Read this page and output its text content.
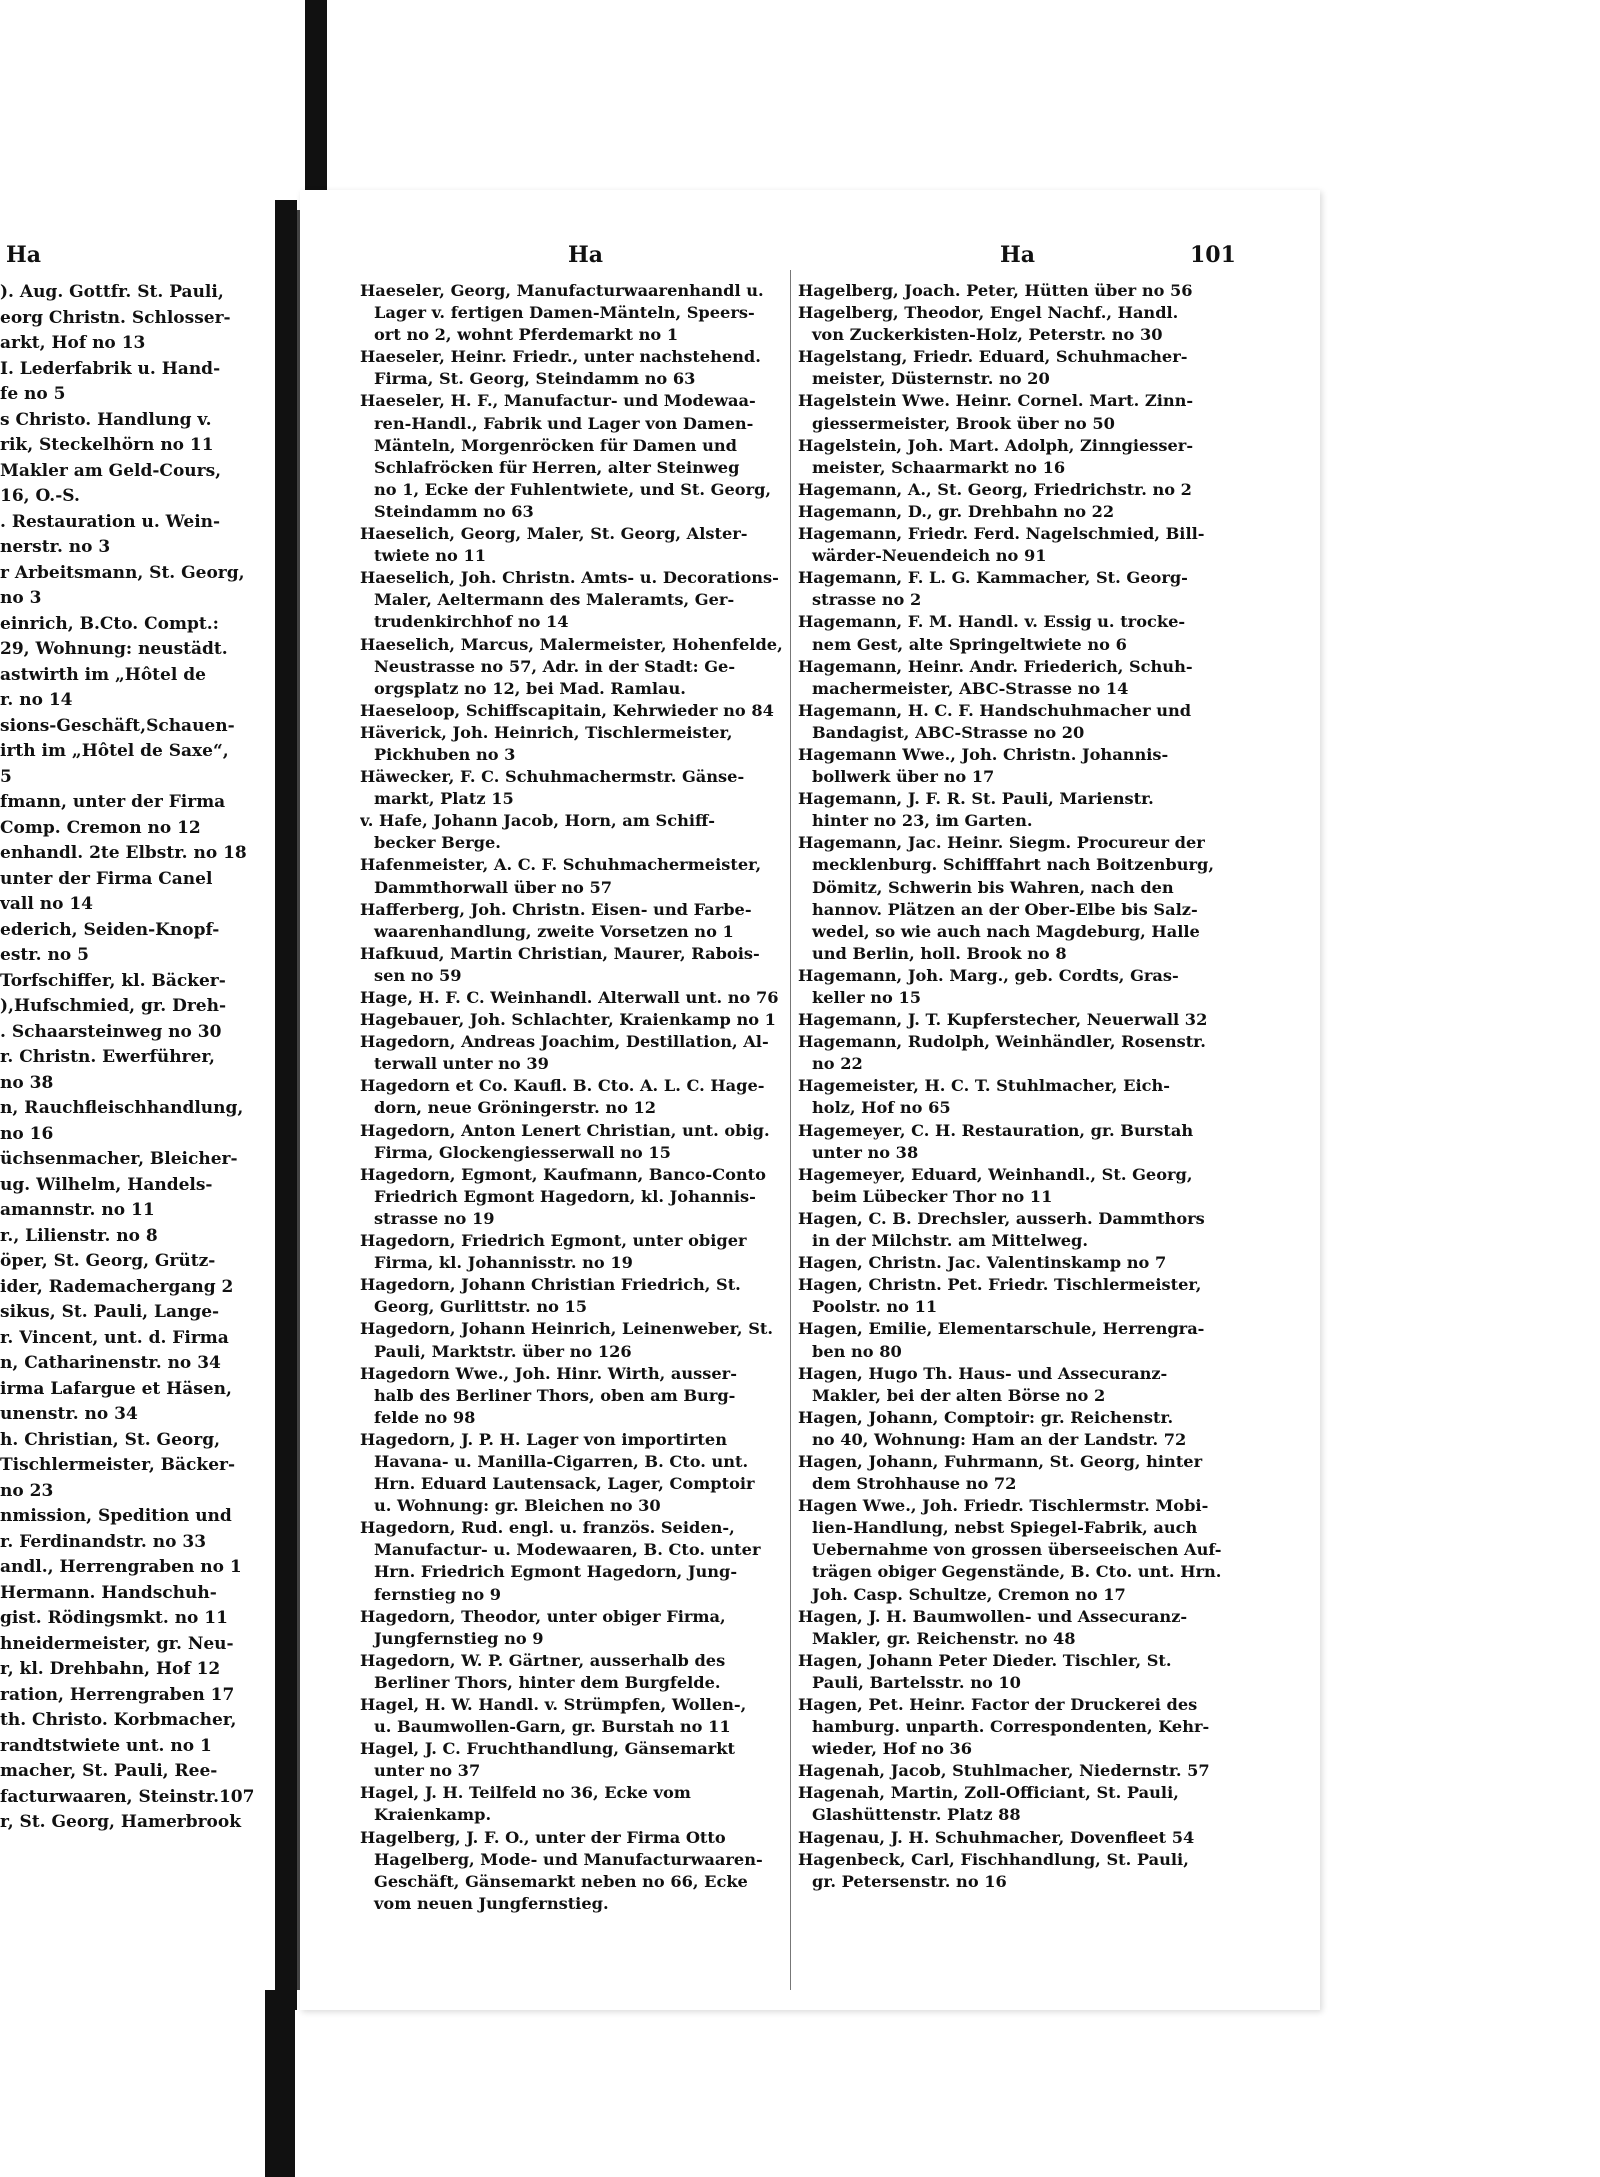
Ha
). Aug. Gottfr. St. Pauli,
eorg Christn. Schlosser-
arkt, Hof no 13
I. Lederfabrik u. Hand-
fe no 5
s Christo. Handlung v.
rik, Steckelhörn no 11
Makler am Geld-Cours,
16, O.-S.
. Restauration u. Wein-
nerstr. no 3
r Arbeitsmann, St. Georg,
no 3
einrich, B.Cto. Compt.:
29, Wohnung: neustädt.
astwirth im „Hôtel de
r. no 14
sions-Geschäft,Schauen-
irth im „Hôtel de Saxe“,
5
fmann, unter der Firma
Comp. Cremon no 12
enhandl. 2te Elbstr. no 18
unter der Firma Canel
vall no 14
ederich, Seiden-Knopf-
estr. no 5
Torfschiffer, kl. Bäcker-
),Hufschmied, gr. Dreh-
. Schaarsteinweg no 30
r. Christn. Ewerführer,
no 38
n, Rauchfleischhandlung,
no 16
üchsenmacher, Bleicher-
ug. Wilhelm, Handels-
amannstr. no 11
r., Lilienstr. no 8
öper, St. Georg, Grütz-
ider, Rademachergang 2
sikus, St. Pauli, Lange-
r. Vincent, unt. d. Firma
n, Catharinenstr. no 34
irma Lafargue et Häsen,
unenstr. no 34
h. Christian, St. Georg,
Tischlermeister, Bäcker-
no 23
nmission, Spedition und
r. Ferdinandstr. no 33
andl., Herrengraben no 1
Hermann. Handschuh-
gist. Rödingsmkt. no 11
hneidermeister, gr. Neu-
r, kl. Drehbahn, Hof 12
ration, Herrengraben 17
th. Christo. Korbmacher,
randtstwiete unt. no 1
macher, St. Pauli, Ree-
facturwaaren, Steinstr.107
r, St. Georg, Hamerbrook
Ha	Ha	101
Haeseler, Georg, Manufacturwaarenhandl u.
Lager v. fertigen Damen-Mänteln, Speers-
ort no 2, wohnt Pferdemarkt no 1
Haeseler, Heinr. Friedr., unter nachstehend.
Firma, St. Georg, Steindamm no 63
Haeseler, H. F., Manufactur- und Modewaa-
ren-Handl., Fabrik und Lager von Damen-
Mänteln, Morgenröcken für Damen und
Schlafröcken für Herren, alter Steinweg
no 1, Ecke der Fuhlentwiete, und St. Georg,
Steindamm no 63
Haeselich, Georg, Maler, St. Georg, Alster-
twiete no 11
Haeselich, Joh. Christn. Amts- u. Decorations-
Maler, Aeltermann des Maleramts, Ger-
trudenkirchhof no 14
Haeselich, Marcus, Malermeister, Hohenfelde,
Neustrasse no 57, Adr. in der Stadt: Ge-
orgsplatz no 12, bei Mad. Ramlau.
Haeseloop, Schiffscapitain, Kehrwieder no 84
Häverick, Joh. Heinrich, Tischlermeister,
Pickhuben no 3
Häwecker, F. C. Schuhmachermstr. Gänse-
markt, Platz 15
v. Hafe, Johann Jacob, Horn, am Schiff-
becker Berge.
Hafenmeister, A. C. F. Schuhmachermeister,
Dammthorwall über no 57
Hafferberg, Joh. Christn. Eisen- und Farbe-
waarenhandlung, zweite Vorsetzen no 1
Hafkuud, Martin Christian, Maurer, Rabois-
sen no 59
Hage, H. F. C. Weinhandl. Alterwall unt. no 76
Hagebauer, Joh. Schlachter, Kraienkamp no 1
Hagedorn, Andreas Joachim, Destillation, Al-
terwall unter no 39
Hagedorn et Co. Kaufl. B. Cto. A. L. C. Hage-
dorn, neue Gröningerstr. no 12
Hagedorn, Anton Lenert Christian, unt. obig.
Firma, Glockengiesserwall no 15
Hagedorn, Egmont, Kaufmann, Banco-Conto
Friedrich Egmont Hagedorn, kl. Johannis-
strasse no 19
Hagedorn, Friedrich Egmont, unter obiger
Firma, kl. Johannisstr. no 19
Hagedorn, Johann Christian Friedrich, St.
Georg, Gurlittstr. no 15
Hagedorn, Johann Heinrich, Leinenweber, St.
Pauli, Marktstr. über no 126
Hagedorn Wwe., Joh. Hinr. Wirth, ausser-
halb des Berliner Thors, oben am Burg-
felde no 98
Hagedorn, J. P. H. Lager von importirten
Havana- u. Manilla-Cigarren, B. Cto. unt.
Hrn. Eduard Lautensack, Lager, Comptoir
u. Wohnung: gr. Bleichen no 30
Hagedorn, Rud. engl. u. französ. Seiden-,
Manufactur- u. Modewaaren, B. Cto. unter
Hrn. Friedrich Egmont Hagedorn, Jung-
fernstieg no 9
Hagedorn, Theodor, unter obiger Firma,
Jungfernstieg no 9
Hagedorn, W. P. Gärtner, ausserhalb des
Berliner Thors, hinter dem Burgfelde.
Hagel, H. W. Handl. v. Strümpfen, Wollen-,
u. Baumwollen-Garn, gr. Burstah no 11
Hagel, J. C. Fruchthandlung, Gänsemarkt
unter no 37
Hagel, J. H. Teilfeld no 36, Ecke vom
Kraienkamp.
Hagelberg, J. F. O., unter der Firma Otto
Hagelberg, Mode- und Manufacturwaaren-
Geschäft, Gänsemarkt neben no 66, Ecke
vom neuen Jungfernstieg.
Hagelberg, Joach. Peter, Hütten über no 56
Hagelberg, Theodor, Engel Nachf., Handl.
von Zuckerkisten-Holz, Peterstr. no 30
Hagelstang, Friedr. Eduard, Schuhmacher-
meister, Düsternstr. no 20
Hagelstein Wwe. Heinr. Cornel. Mart. Zinn-
giessermeister, Brook über no 50
Hagelstein, Joh. Mart. Adolph, Zinngiesser-
meister, Schaarmarkt no 16
Hagemann, A., St. Georg, Friedrichstr. no 2
Hagemann, D., gr. Drehbahn no 22
Hagemann, Friedr. Ferd. Nagelschmied, Bill-
wärder-Neuendeich no 91
Hagemann, F. L. G. Kammacher, St. Georg-
strasse no 2
Hagemann, F. M. Handl. v. Essig u. trocke-
nem Gest, alte Springeltwiete no 6
Hagemann, Heinr. Andr. Friederich, Schuh-
machermeister, ABC-Strasse no 14
Hagemann, H. C. F. Handschuhmacher und
Bandagist, ABC-Strasse no 20
Hagemann Wwe., Joh. Christn. Johannis-
bollwerk über no 17
Hagemann, J. F. R. St. Pauli, Marienstr.
hinter no 23, im Garten.
Hagemann, Jac. Heinr. Siegm. Procureur der
mecklenburg. Schifffahrt nach Boitzenburg,
Dömitz, Schwerin bis Wahren, nach den
hannov. Plätzen an der Ober-Elbe bis Salz-
wedel, so wie auch nach Magdeburg, Halle
und Berlin, holl. Brook no 8
Hagemann, Joh. Marg., geb. Cordts, Gras-
keller no 15
Hagemann, J. T. Kupferstecher, Neuerwall 32
Hagemann, Rudolph, Weinhändler, Rosenstr.
no 22
Hagemeister, H. C. T. Stuhlmacher, Eich-
holz, Hof no 65
Hagemeyer, C. H. Restauration, gr. Burstah
unter no 38
Hagemeyer, Eduard, Weinhandl., St. Georg,
beim Lübecker Thor no 11
Hagen, C. B. Drechsler, ausserh. Dammthors
in der Milchstr. am Mittelweg.
Hagen, Christn. Jac. Valentinskamp no 7
Hagen, Christn. Pet. Friedr. Tischlermeister,
Poolstr. no 11
Hagen, Emilie, Elementarschule, Herrengra-
ben no 80
Hagen, Hugo Th. Haus- und Assecuranz-
Makler, bei der alten Börse no 2
Hagen, Johann, Comptoir: gr. Reichenstr.
no 40, Wohnung: Ham an der Landstr. 72
Hagen, Johann, Fuhrmann, St. Georg, hinter
dem Strohhause no 72
Hagen Wwe., Joh. Friedr. Tischlermstr. Mobi-
lien-Handlung, nebst Spiegel-Fabrik, auch
Uebernahme von grossen überseeischen Auf-
trägen obiger Gegenstände, B. Cto. unt. Hrn.
Joh. Casp. Schultze, Cremon no 17
Hagen, J. H. Baumwollen- und Assecuranz-
Makler, gr. Reichenstr. no 48
Hagen, Johann Peter Dieder. Tischler, St.
Pauli, Bartelsstr. no 10
Hagen, Pet. Heinr. Factor der Druckerei des
hamburg. unparth. Correspondenten, Kehr-
wieder, Hof no 36
Hagenah, Jacob, Stuhlmacher, Niedernstr. 57
Hagenah, Martin, Zoll-Officiant, St. Pauli,
Glashüttenstr. Platz 88
Hagenau, J. H. Schuhmacher, Dovenfleet 54
Hagenbeck, Carl, Fischhandlung, St. Pauli,
gr. Petersenstr. no 16
